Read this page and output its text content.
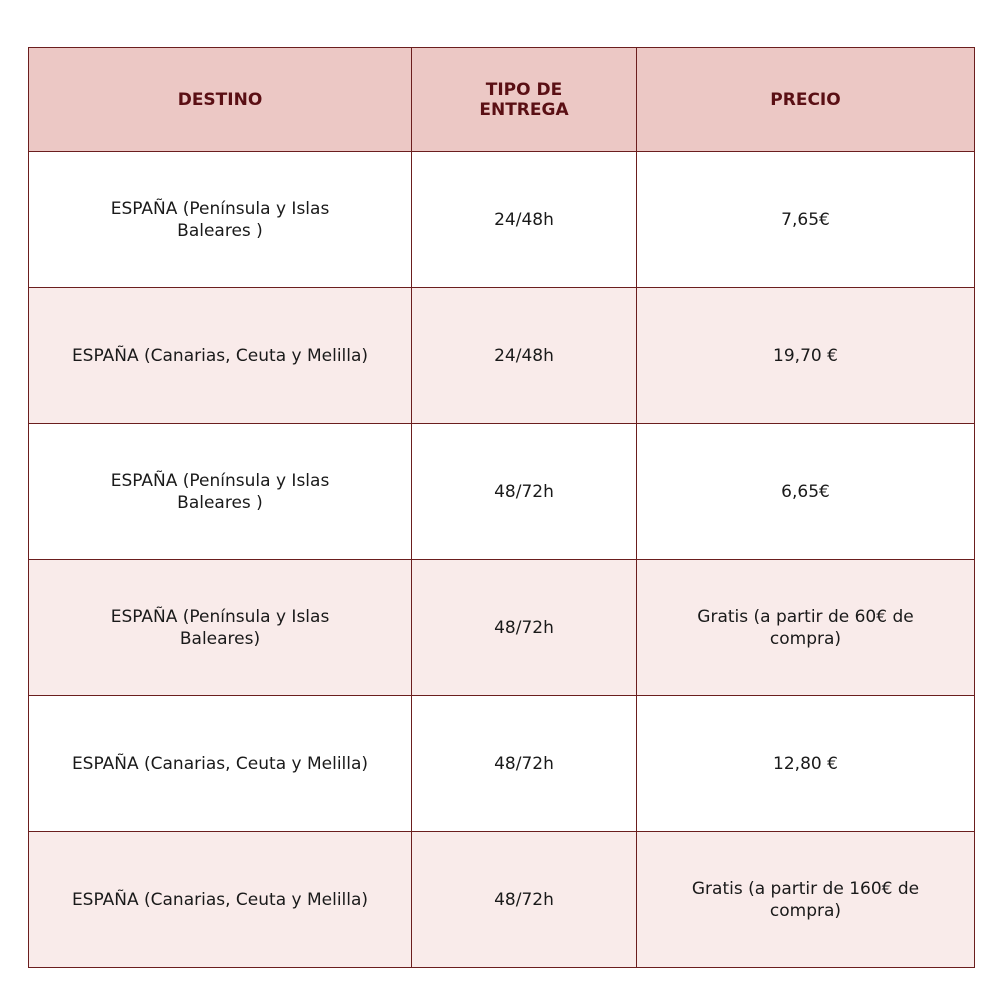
DESTINO	TIPO DE ENTREGA	PRECIO
ESPAÑA (Península y Islas Baleares )	24/48h	7,65€
ESPAÑA (Canarias, Ceuta y Melilla)	24/48h	19,70 €
ESPAÑA (Península y Islas Baleares )	48/72h	6,65€
ESPAÑA (Península y Islas Baleares)	48/72h	Gratis (a partir de 60€ de compra)
ESPAÑA (Canarias, Ceuta y Melilla)	48/72h	12,80 €
ESPAÑA (Canarias, Ceuta y Melilla)	48/72h	Gratis (a partir de 160€ de compra)
